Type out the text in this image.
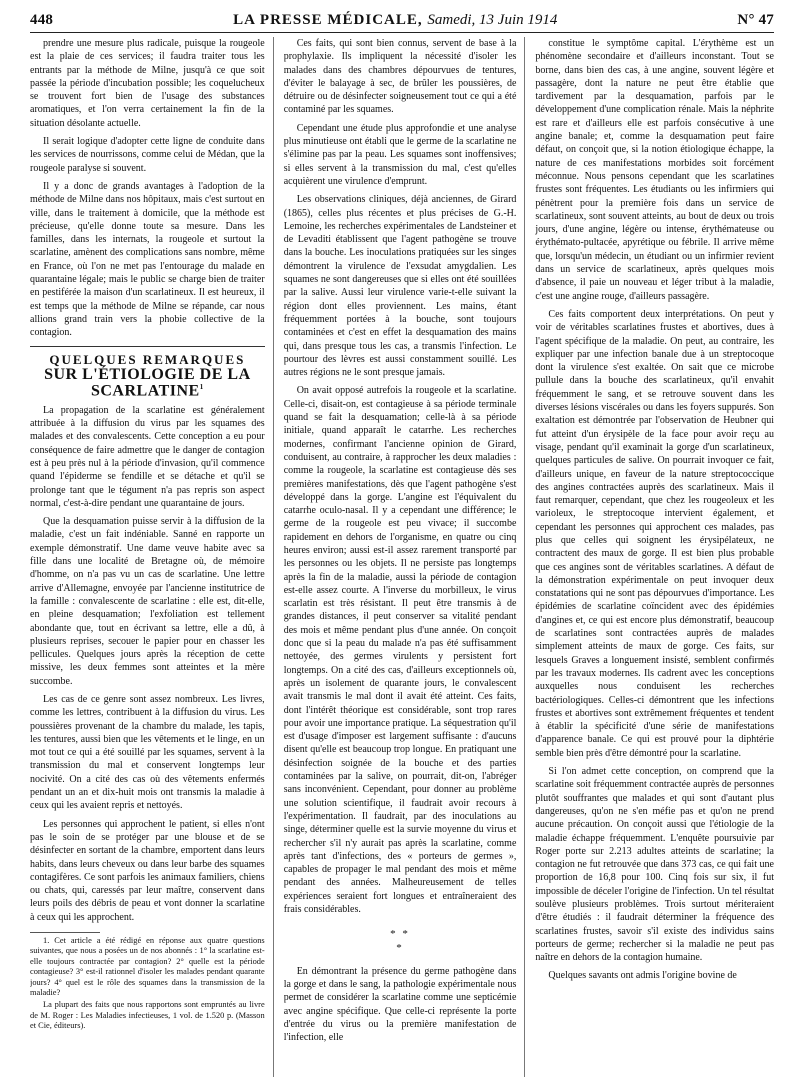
448	LA PRESSE MÉDICALE, Samedi, 13 Juin 1914	N° 47

prendre une mesure plus radicale, puisque la rougeole est la plaie de ces services; il faudra traiter tous les entrants par la méthode de Milne, jusqu'à ce que soit passée la période d'incubation possible; les coquelucheux se trouvent fort bien de l'usage des substances aromatiques, et l'on verra certainement la fin de la situation désolante actuelle.

Il serait logique d'adopter cette ligne de conduite dans les services de nourrissons, comme celui de Médan, que la rougeole paralyse si souvent.

Il y a donc de grands avantages à l'adoption de la méthode de Milne dans nos hôpitaux, mais c'est surtout en ville, dans le traitement à domicile, que la méthode est précieuse, qu'elle donne toute sa mesure. Dans les familles, dans les internats, la rougeole et surtout la scarlatine, amènent des complications sans nombre, même en France, où l'on ne met pas l'entourage du malade en quarantaine légale; mais le public se charge bien de traiter en pestiférée la maison d'un scarlatineux. Il est heureux, il est temps que la méthode de Milne se répande, car nous allions grand train vers la phobie collective de la contagion.

QUELQUES REMARQUES
SUR L'ÉTIOLOGIE DE LA SCARLATINE$^1$

La propagation de la scarlatine est généralement attribuée à la diffusion du virus par les squames des malades et des convalescents. Cette conception a eu pour conséquence de faire admettre que le danger de contagion est à peu près nul à la période d'invasion, qu'il commence quand l'épiderme se fendille et se détache et qu'il se prolonge tant que le tégument n'a pas repris son aspect normal, c'est-à-dire pendant une quarantaine de jours.

Que la desquamation puisse servir à la diffusion de la maladie, c'est un fait indéniable. Sanné en rapporte un exemple démonstratif. Une dame veuve habite avec sa fille dans une localité de Bretagne où, de mémoire d'homme, on n'a pas vu un cas de scarlatine. Une lettre arrive d'Allemagne, envoyée par l'ancienne institutrice de la famille : convalescente de scarlatine : elle est, dit-elle, en pleine desquamation; l'exfoliation est tellement abondante que, tout en écrivant sa lettre, elle a dû, à plusieurs reprises, secouer le papier pour en chasser les pellicules. Quelques jours après la réception de cette missive, les deux femmes sont atteintes et la mère succombe.

Les cas de ce genre sont assez nombreux. Les livres, comme les lettres, contribuent à la diffusion du virus. Les poussières provenant de la chambre du malade, les tapis, les tentures, aussi bien que les vêtements et le linge, en un mot tout ce qui a été souillé par les squames, servent à la transmission du mal et conservent longtemps leur nocivité. On a cité des cas où des vêtements enfermés pendant un an et dix-huit mois ont transmis la maladie à ceux qui les avaient repris et nettoyés.

Les personnes qui approchent le patient, si elles n'ont pas le soin de se protéger par une blouse et de se désinfecter en sortant de la chambre, emportent dans leurs habits, dans leurs cheveux ou dans leur barbe des squames contagifères. Ce sont parfois les animaux familiers, chiens ou chats, qui, caressés par leur maître, conservent dans leurs poils des débris de peau et vont donner la scarlatine à ceux qui les approchent.

1. Cet article a été rédigé en réponse aux quatre questions suivantes, que nous a posées un de nos abonnés : 1° la scarlatine est-elle toujours contractée par contagion? 2° quelle est la période contagieuse? 3° est-il rationnel d'isoler les malades pendant quarante jours? 4° quel est le rôle des squames dans la transmission de la maladie?

La plupart des faits que nous rapportons sont empruntés au livre de M. Roger : Les Maladies infectieuses, 1 vol. de 1.520 p. (Masson et Cie, éditeurs).

Ces faits, qui sont bien connus, servent de base à la prophylaxie. Ils impliquent la nécessité d'isoler les malades dans des chambres dépourvues de tentures, d'éviter le balayage à sec, de brûler les poussières, de détruire ou de désinfecter soigneusement tout ce qui a été contaminé par les squames.

Cependant une étude plus approfondie et une analyse plus minutieuse ont établi que le germe de la scarlatine ne s'élimine pas par la peau. Les squames sont inoffensives; si elles servent à la transmission du mal, c'est qu'elles acquièrent une virulence d'emprunt.

Les observations cliniques, déjà anciennes, de Girard (1865), celles plus récentes et plus précises de G.-H. Lemoine, les recherches expérimentales de Landsteiner et de Levaditi établissent que l'agent pathogène se trouve dans la bouche. Les inoculations pratiquées sur les singes démontrent la virulence de l'exsudat amygdalien. Les squames ne sont dangereuses que si elles ont été souillées par la salive. Aussi leur virulence varie-t-elle suivant la région dont elles proviennent. Les mains, étant fréquemment portées à la bouche, sont toujours contaminées et c'est en effet la desquamation des mains qui, dans presque tous les cas, a transmis l'infection. Le pourtour des lèvres est aussi constamment souillé. Les autres régions ne le sont presque jamais.

On avait opposé autrefois la rougeole et la scarlatine. Celle-ci, disait-on, est contagieuse à sa période terminale quand se fait la desquamation; celle-là à sa période initiale, quand apparaît le catarrhe. Les recherches modernes, confirmant l'ancienne opinion de Girard, conduisent, au contraire, à rapprocher les deux maladies : comme la rougeole, la scarlatine est contagieuse dès ses premières manifestations, dès que l'agent pathogène s'est développé dans la gorge. L'angine est l'équivalent du catarrhe oculo-nasal. Il y a cependant une différence; le germe de la rougeole est peu vivace; il succombe rapidement en dehors de l'organisme, en quatre ou cinq heures environ; aussi est-il assez rarement transporté par les personnes ou les objets. Il ne persiste pas longtemps après la fin de la maladie, aussi la période de contagion est-elle assez courte. A l'inverse du morbilleux, le virus scarlatin est très résistant. Il peut être transmis à de grandes distances, il peut conserver sa vitalité pendant des mois et même pendant plus d'une année. On conçoit donc que si la peau du malade n'a pas été suffisamment nettoyée, des germes virulents y persistent fort longtemps. On a cité des cas, d'ailleurs exceptionnels où, après un isolement de quarante jours, le convalescent avait transmis le mal dont il avait été atteint. Ces faits, dont l'intérêt théorique est considérable, sont trop rares pour avoir une importance pratique. La séquestration qu'il est d'usage d'imposer est largement suffisante : d'aucuns disent qu'elle est beaucoup trop longue. En pratiquant une désinfection soignée de la bouche et des parties contaminées par la salive, on pourrait, dit-on, l'abréger sans inconvénient. Cependant, pour donner au problème une solution scientifique, il faudrait avoir recours à l'expérimentation. Il faudrait, par des inoculations au singe, déterminer quelle est la survie moyenne du virus et rechercher s'il n'y aurait pas après la scarlatine, comme après tant d'infections, des « porteurs de germes », capables de propager le mal pendant des mois et même pendant des années. Malheureusement de telles expériences seraient fort longues et entraîneraient des frais considérables.

* *
*

En démontrant la présence du germe pathogène dans la gorge et dans le sang, la pathologie expérimentale nous permet de considérer la scarlatine comme une septicémie avec angine spécifique. Que celle-ci représente la porte d'entrée du virus ou la première manifestation de l'infection, elle

constitue le symptôme capital. L'érythème est un phénomène secondaire et d'ailleurs inconstant. Tout se borne, dans bien des cas, à une angine, souvent légère et passagère, dont la nature ne peut être établie que tardivement par la desquamation, parfois par le développement d'une complication rénale. Mais la néphrite est rare et d'ailleurs elle est parfois consécutive à une angine banale; et, comme la desquamation peut faire défaut, on conçoit que, si la notion étiologique échappe, la nature de ces manifestations morbides soit forcément méconnue. Nous pensons cependant que les scarlatines frustes sont fréquentes. Les étudiants ou les infirmiers qui pénètrent pour la première fois dans un service de scarlatineux, sont souvent atteints, au bout de deux ou trois jours, d'une angine, légère ou intense, érythémateuse ou érythémato-pultacée, apyrétique ou fébrile. Il arrive même que, lorsqu'un médecin, un étudiant ou un infirmier revient dans un service de scarlatineux, après quelques mois d'absence, il paie un nouveau et léger tribut à la maladie, c'est une angine rouge, d'ailleurs passagère.

Ces faits comportent deux interprétations. On peut y voir de véritables scarlatines frustes et abortives, dues à l'agent spécifique de la maladie. On peut, au contraire, les expliquer par une infection banale due à un streptocoque dont la virulence s'est exaltée. On sait que ce microbe pullule dans la bouche des scarlatineux, qu'il envahit fréquemment le sang, et se retrouve souvent dans les diverses lésions viscérales ou dans les foyers suppurés. Son exaltation est démontrée par l'observation de Heubner qui fut atteint d'un érysipèle de la face pour avoir reçu au visage, pendant qu'il examinait la gorge d'un scarlatineux, quelques particules de salive. On pourrait invoquer ce fait, d'ailleurs unique, en faveur de la nature streptococcique des angines contractées auprès des scarlatineux. Mais il faut remarquer, cependant, que chez les rougeoleux et les varioleux, le streptocoque intervient également, et cependant les personnes qui approchent ces malades, pas plus que celles qui soignent les érysipélateux, ne contractent des maux de gorge. Il est bien plus probable que ces angines sont de véritables scarlatines. A défaut de la démonstration expérimentale on peut invoquer deux constatations qui ne sont pas dépourvues d'importance. Les épidémies de scarlatine coïncident avec des épidémies d'angines et, ce qui est encore plus démonstratif, beaucoup de scarlatines sont contractées auprès de malades simplement atteints de maux de gorge. Ces faits, sur lesquels Graves a longuement insisté, semblent confirmés par les travaux modernes. Ils cadrent avec les conceptions auxquelles nous conduisent les recherches bactériologiques. Celles-ci démontrent que les infections frustes et abortives sont extrêmement fréquentes et tendent à établir la spécificité d'une série de manifestations d'apparence banale. Ce qui est prouvé pour la diphtérie semble bien près d'être démontré pour la scarlatine.

Si l'on admet cette conception, on comprend que la scarlatine soit fréquemment contractée auprès de personnes plutôt souffrantes que malades et qui sont d'autant plus dangereuses, qu'on ne s'en méfie pas et qu'on ne prend aucune précaution. On conçoit aussi que l'étiologie de la maladie échappe fréquemment. L'enquête poursuivie par Roger porte sur 2.213 adultes atteints de scarlatine; la contagion ne fut retrouvée que dans 373 cas, ce qui fait une proportion de 16,8 pour 100. Cinq fois sur six, il fut impossible de déceler l'origine de l'infection. Un tel résultat soulève plusieurs problèmes. Trois surtout mériteraient d'être étudiés : il faudrait déterminer la fréquence des scarlatines frustes, savoir s'il existe des individus sains porteurs de germe; rechercher si la maladie ne peut pas naître en dehors de la contagion humaine.

Quelques savants ont admis l'origine bovine de
